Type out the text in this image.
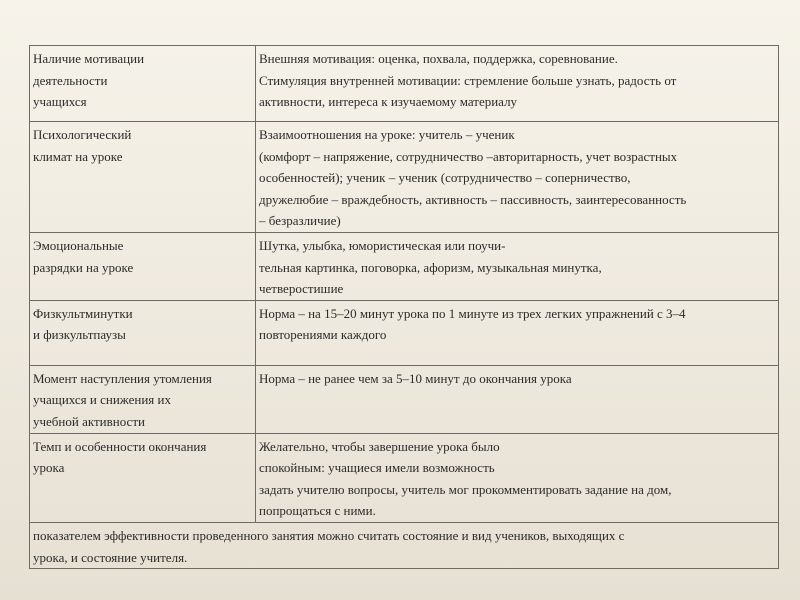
Наличие мотивации
деятельности
учащихся	Внешняя мотивация: оценка, похвала, поддержка, соревнование.
Стимуляция внутренней мотивации: стремление больше узнать, радость от
активности, интереса к изучаемому материалу

Психологический
климат на уроке	Взаимоотношения на уроке: учитель – ученик
(комфорт – напряжение, сотрудничество –авторитарность, учет возрастных
особенностей); ученик – ученик (сотрудничество – соперничество,
дружелюбие – враждебность, активность – пассивность, заинтересованность
– безразличие)

Эмоциональные
разрядки на уроке	Шутка, улыбка, юмористическая или поучи-
тельная картинка, поговорка, афоризм, музыкальная минутка,
четверостишие

Физкультминутки
и физкультпаузы	Норма – на 15–20 минут урока по 1 минуте из трех легких упражнений с 3–4
повторениями каждого

Момент наступления утомления
учащихся и снижения их
учебной активности	Норма – не ранее чем за 5–10 минут до окончания урока

Темп и особенности окончания
урока	Желательно, чтобы завершение урока было
спокойным: учащиеся имели возможность
задать учителю вопросы, учитель мог прокомментировать задание на дом,
попрощаться с ними.

показателем эффективности проведенного занятия можно считать состояние и вид учеников, выходящих с
урока, и состояние учителя.	
